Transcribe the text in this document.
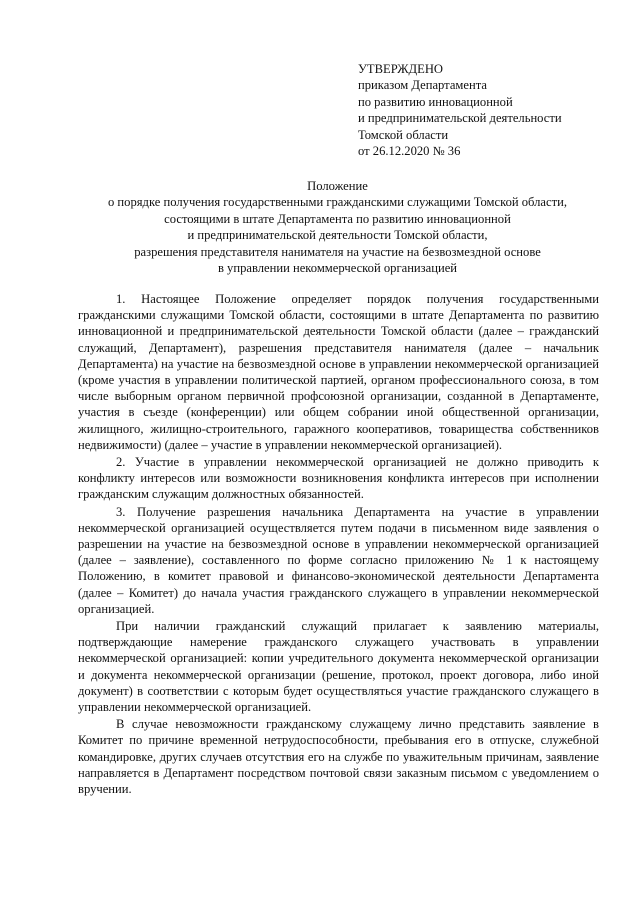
УТВЕРЖДЕНО
приказом Департамента
по развитию инновационной
и предпринимательской деятельности
Томской области
от 26.12.2020 № 36
Положение
о порядке получения государственными гражданскими служащими Томской области,
состоящими в штате Департамента по развитию инновационной
и предпринимательской деятельности Томской области,
разрешения представителя нанимателя на участие на безвозмездной основе
в управлении некоммерческой организацией

1. Настоящее Положение определяет порядок получения государственными гражданскими служащими Томской области, состоящими в штате Департамента по развитию инновационной и предпринимательской деятельности Томской области (далее – гражданский служащий, Департамент), разрешения представителя нанимателя (далее – начальник Департамента) на участие на безвозмездной основе в управлении некоммерческой организацией (кроме участия в управлении политической партией, органом профессионального союза, в том числе выборным органом первичной профсоюзной организации, созданной в Департаменте, участия в съезде (конференции) или общем собрании иной общественной организации, жилищного, жилищно-строительного, гаражного кооперативов, товарищества собственников недвижимости) (далее – участие в управлении некоммерческой организацией).

2. Участие в управлении некоммерческой организацией не должно приводить к конфликту интересов или возможности возникновения конфликта интересов при исполнении гражданским служащим должностных обязанностей.

3. Получение разрешения начальника Департамента на участие в управлении некоммерческой организацией осуществляется путем подачи в письменном виде заявления о разрешении на участие на безвозмездной основе в управлении некоммерческой организацией (далее – заявление), составленного по форме согласно приложению № 1 к настоящему Положению, в комитет правовой и финансово-экономической деятельности Департамента (далее – Комитет) до начала участия гражданского служащего в управлении некоммерческой организацией.

При наличии гражданский служащий прилагает к заявлению материалы, подтверждающие намерение гражданского служащего участвовать в управлении некоммерческой организацией: копии учредительного документа некоммерческой организации и документа некоммерческой организации (решение, протокол, проект договора, либо иной документ) в соответствии с которым будет осуществляться участие гражданского служащего в управлении некоммерческой организацией.

В случае невозможности гражданскому служащему лично представить заявление в Комитет по причине временной нетрудоспособности, пребывания его в отпуске, служебной командировке, других случаев отсутствия его на службе по уважительным причинам, заявление направляется в Департамент посредством почтовой связи заказным письмом с уведомлением о вручении.
